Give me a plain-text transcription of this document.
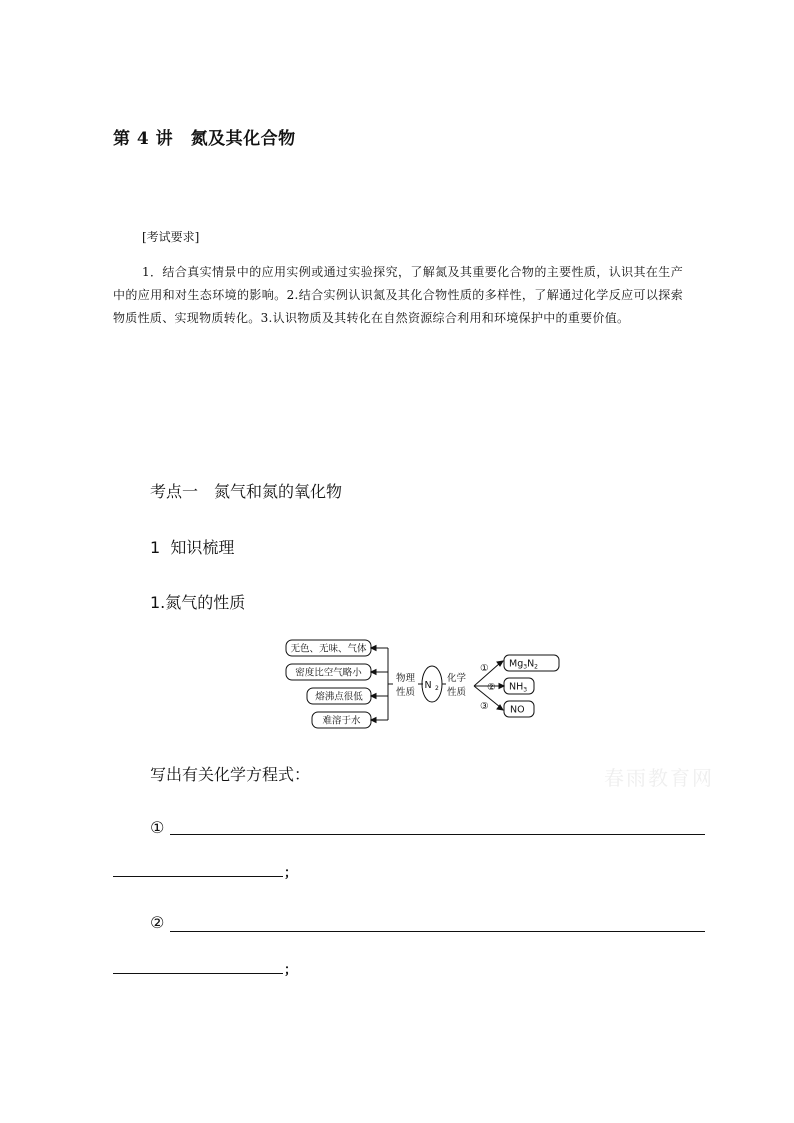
第 4 讲　氮及其化合物
[考试要求]
1．结合真实情景中的应用实例或通过实验探究，了解氮及其重要化合物的主要性质，认识其在生产中的应用和对生态环境的影响。2.结合实例认识氮及其化合物性质的多样性，了解通过化学反应可以探索物质性质、实现物质转化。3.认识物质及其转化在自然资源综合利用和环境保护中的重要价值。
考点一　氮气和氮的氧化物
1  知识梳理
1.氮气的性质
无色、无味、气体
密度比空气略小
熔沸点很低
难溶于水
物理
性质
N 2
化学
性质
①
②
③
$Mg_3N_2$
$NH_3$
NO
写出有关化学方程式：	春雨教育网
①
；
②
；
